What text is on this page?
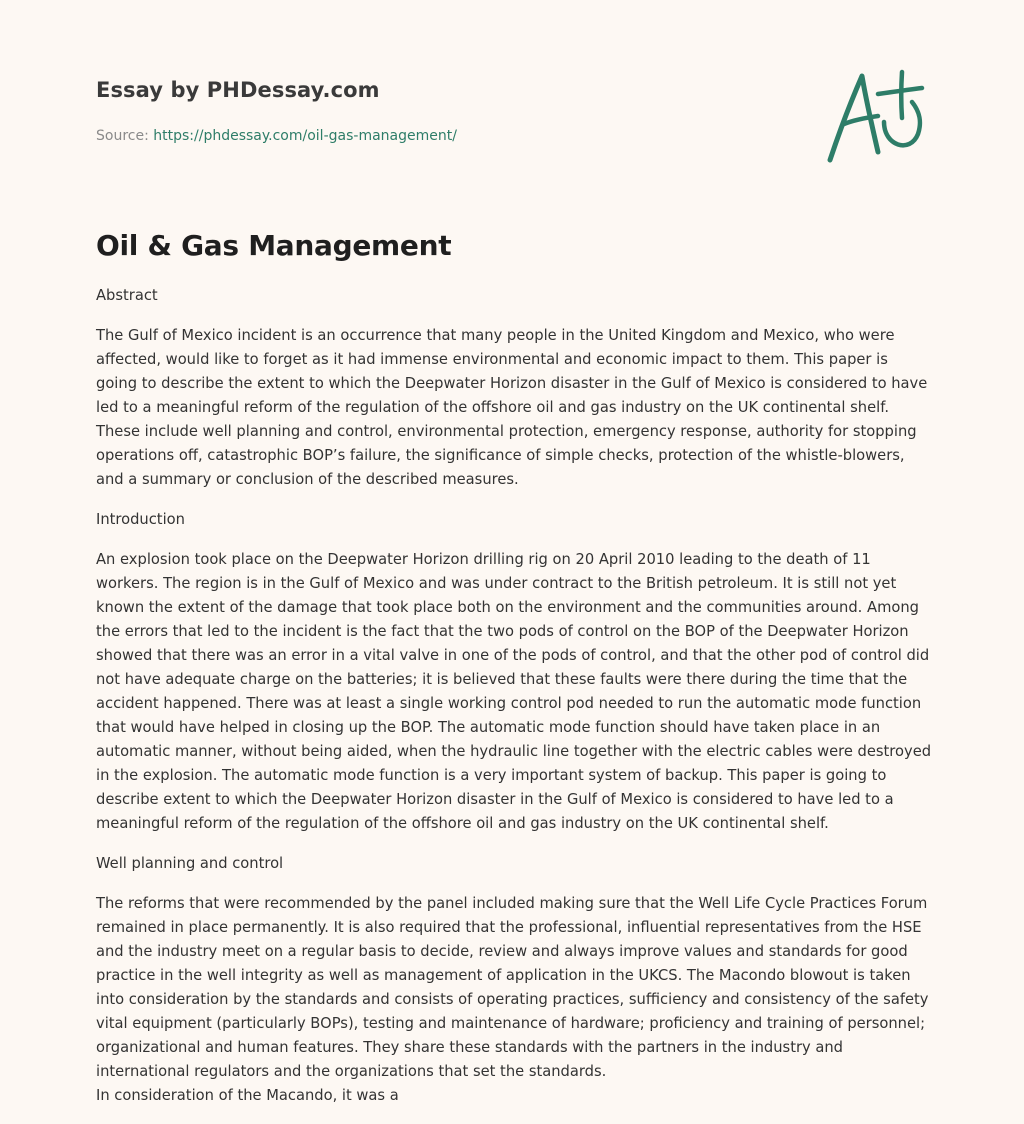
Essay by PHDessay.com
Source: https://phdessay.com/oil-gas-management/
Oil & Gas Management

Abstract

The Gulf of Mexico incident is an occurrence that many people in the United Kingdom and Mexico, who were affected, would like to forget as it had immense environmental and economic impact to them. This paper is going to describe the extent to which the Deepwater Horizon disaster in the Gulf of Mexico is considered to have led to a meaningful reform of the regulation of the offshore oil and gas industry on the UK continental shelf. These include well planning and control, environmental protection, emergency response, authority for stopping operations off, catastrophic BOP’s failure, the significance of simple checks, protection of the whistle-blowers, and a summary or conclusion of the described measures.

Introduction

An explosion took place on the Deepwater Horizon drilling rig on 20 April 2010 leading to the death of 11 workers. The region is in the Gulf of Mexico and was under contract to the British petroleum. It is still not yet known the extent of the damage that took place both on the environment and the communities around. Among the errors that led to the incident is the fact that the two pods of control on the BOP of the Deepwater Horizon showed that there was an error in a vital valve in one of the pods of control, and that the other pod of control did not have adequate charge on the batteries; it is believed that these faults were there during the time that the accident happened. There was at least a single working control pod needed to run the automatic mode function that would have helped in closing up the BOP. The automatic mode function should have taken place in an automatic manner, without being aided, when the hydraulic line together with the electric cables were destroyed in the explosion. The automatic mode function is a very important system of backup. This paper is going to describe extent to which the Deepwater Horizon disaster in the Gulf of Mexico is considered to have led to a meaningful reform of the regulation of the offshore oil and gas industry on the UK continental shelf.

Well planning and control

The reforms that were recommended by the panel included making sure that the Well Life Cycle Practices Forum remained in place permanently. It is also required that the professional, influential representatives from the HSE and the industry meet on a regular basis to decide, review and always improve values and standards for good practice in the well integrity as well as management of application in the UKCS. The Macondo blowout is taken into consideration by the standards and consists of operating practices, sufficiency and consistency of the safety vital equipment (particularly BOPs), testing and maintenance of hardware; proficiency and training of personnel; organizational and human features. They share these standards with the partners in the industry and international regulators and the organizations that set the standards.

In consideration of the Macando, it was a
